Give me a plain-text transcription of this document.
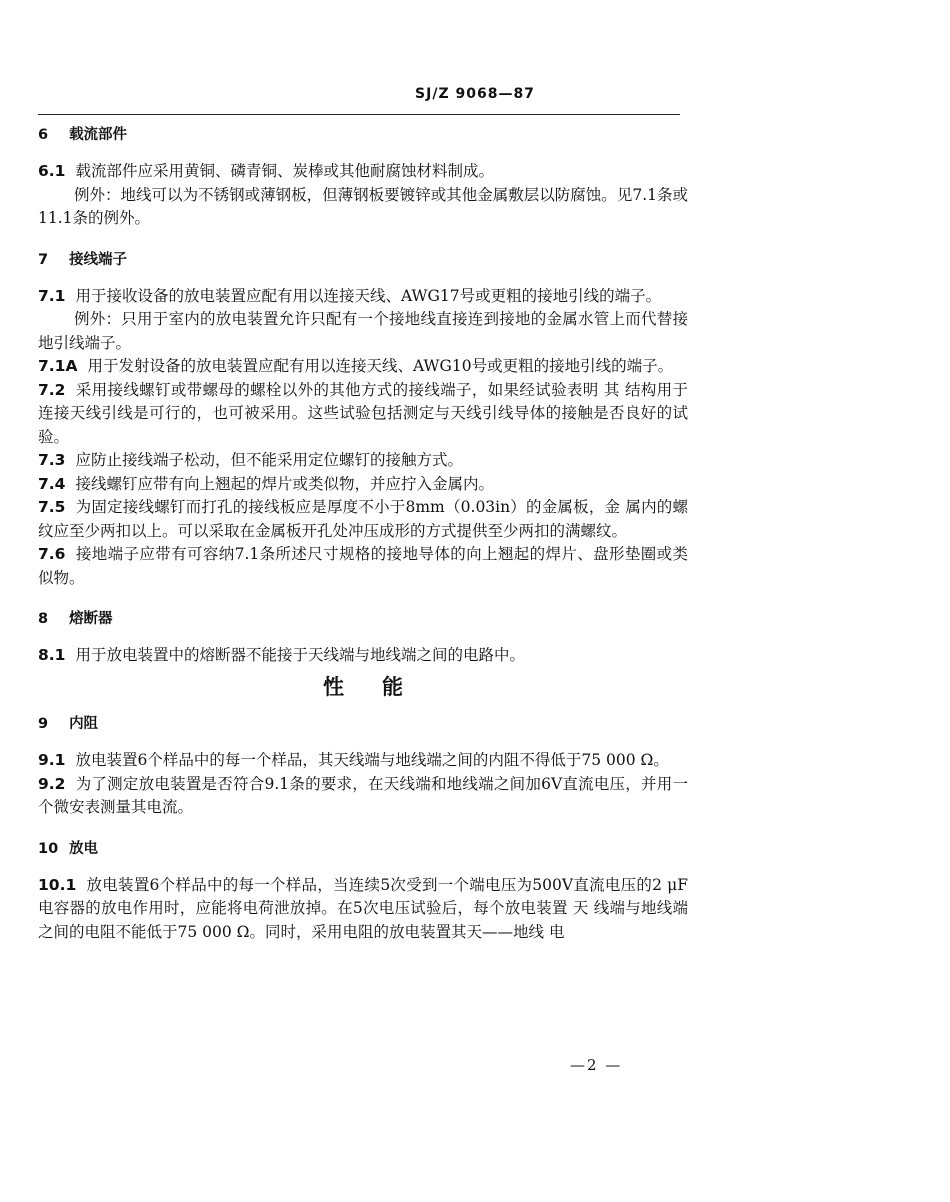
SJ/Z 9068—87
6 载流部件

6.1 载流部件应采用黄铜、磷青铜、炭棒或其他耐腐蚀材料制成。

例外：地线可以为不锈钢或薄钢板，但薄钢板要镀锌或其他金属敷层以防腐蚀。见7.1条或11.1条的例外。

7 接线端子

7.1 用于接收设备的放电装置应配有用以连接天线、AWG17号或更粗的接地引线的端子。

例外：只用于室内的放电装置允许只配有一个接地线直接连到接地的金属水管上而代替接地引线端子。

7.1A 用于发射设备的放电装置应配有用以连接天线、AWG10号或更粗的接地引线的端子。

7.2 采用接线螺钉或带螺母的螺栓以外的其他方式的接线端子，如果经试验表明 其 结构用于连接天线引线是可行的，也可被采用。这些试验包括测定与天线引线导体的接触是否良好的试验。

7.3 应防止接线端子松动，但不能采用定位螺钉的接触方式。

7.4 接线螺钉应带有向上翘起的焊片或类似物，并应拧入金属内。

7.5 为固定接线螺钉而打孔的接线板应是厚度不小于8mm（0.03in）的金属板，金 属内的螺纹应至少两扣以上。可以采取在金属板开孔处冲压成形的方式提供至少两扣的满螺纹。

7.6 接地端子应带有可容纳7.1条所述尺寸规格的接地导体的向上翘起的焊片、盘形垫圈或类似物。

8 熔断器

8.1 用于放电装置中的熔断器不能接于天线端与地线端之间的电路中。

性能
9 内阻

9.1 放电装置6个样品中的每一个样品，其天线端与地线端之间的内阻不得低于75 000 Ω。

9.2 为了测定放电装置是否符合9.1条的要求，在天线端和地线端之间加6V直流电压，并用一个微安表测量其电流。

10 放电

10.1 放电装置6个样品中的每一个样品，当连续5次受到一个端电压为500V直流电压的2 μF电容器的放电作用时，应能将电荷泄放掉。在5次电压试验后，每个放电装置 天 线端与地线端之间的电阻不能低于75 000 Ω。同时，采用电阻的放电装置其天——地线 电

—2 —
